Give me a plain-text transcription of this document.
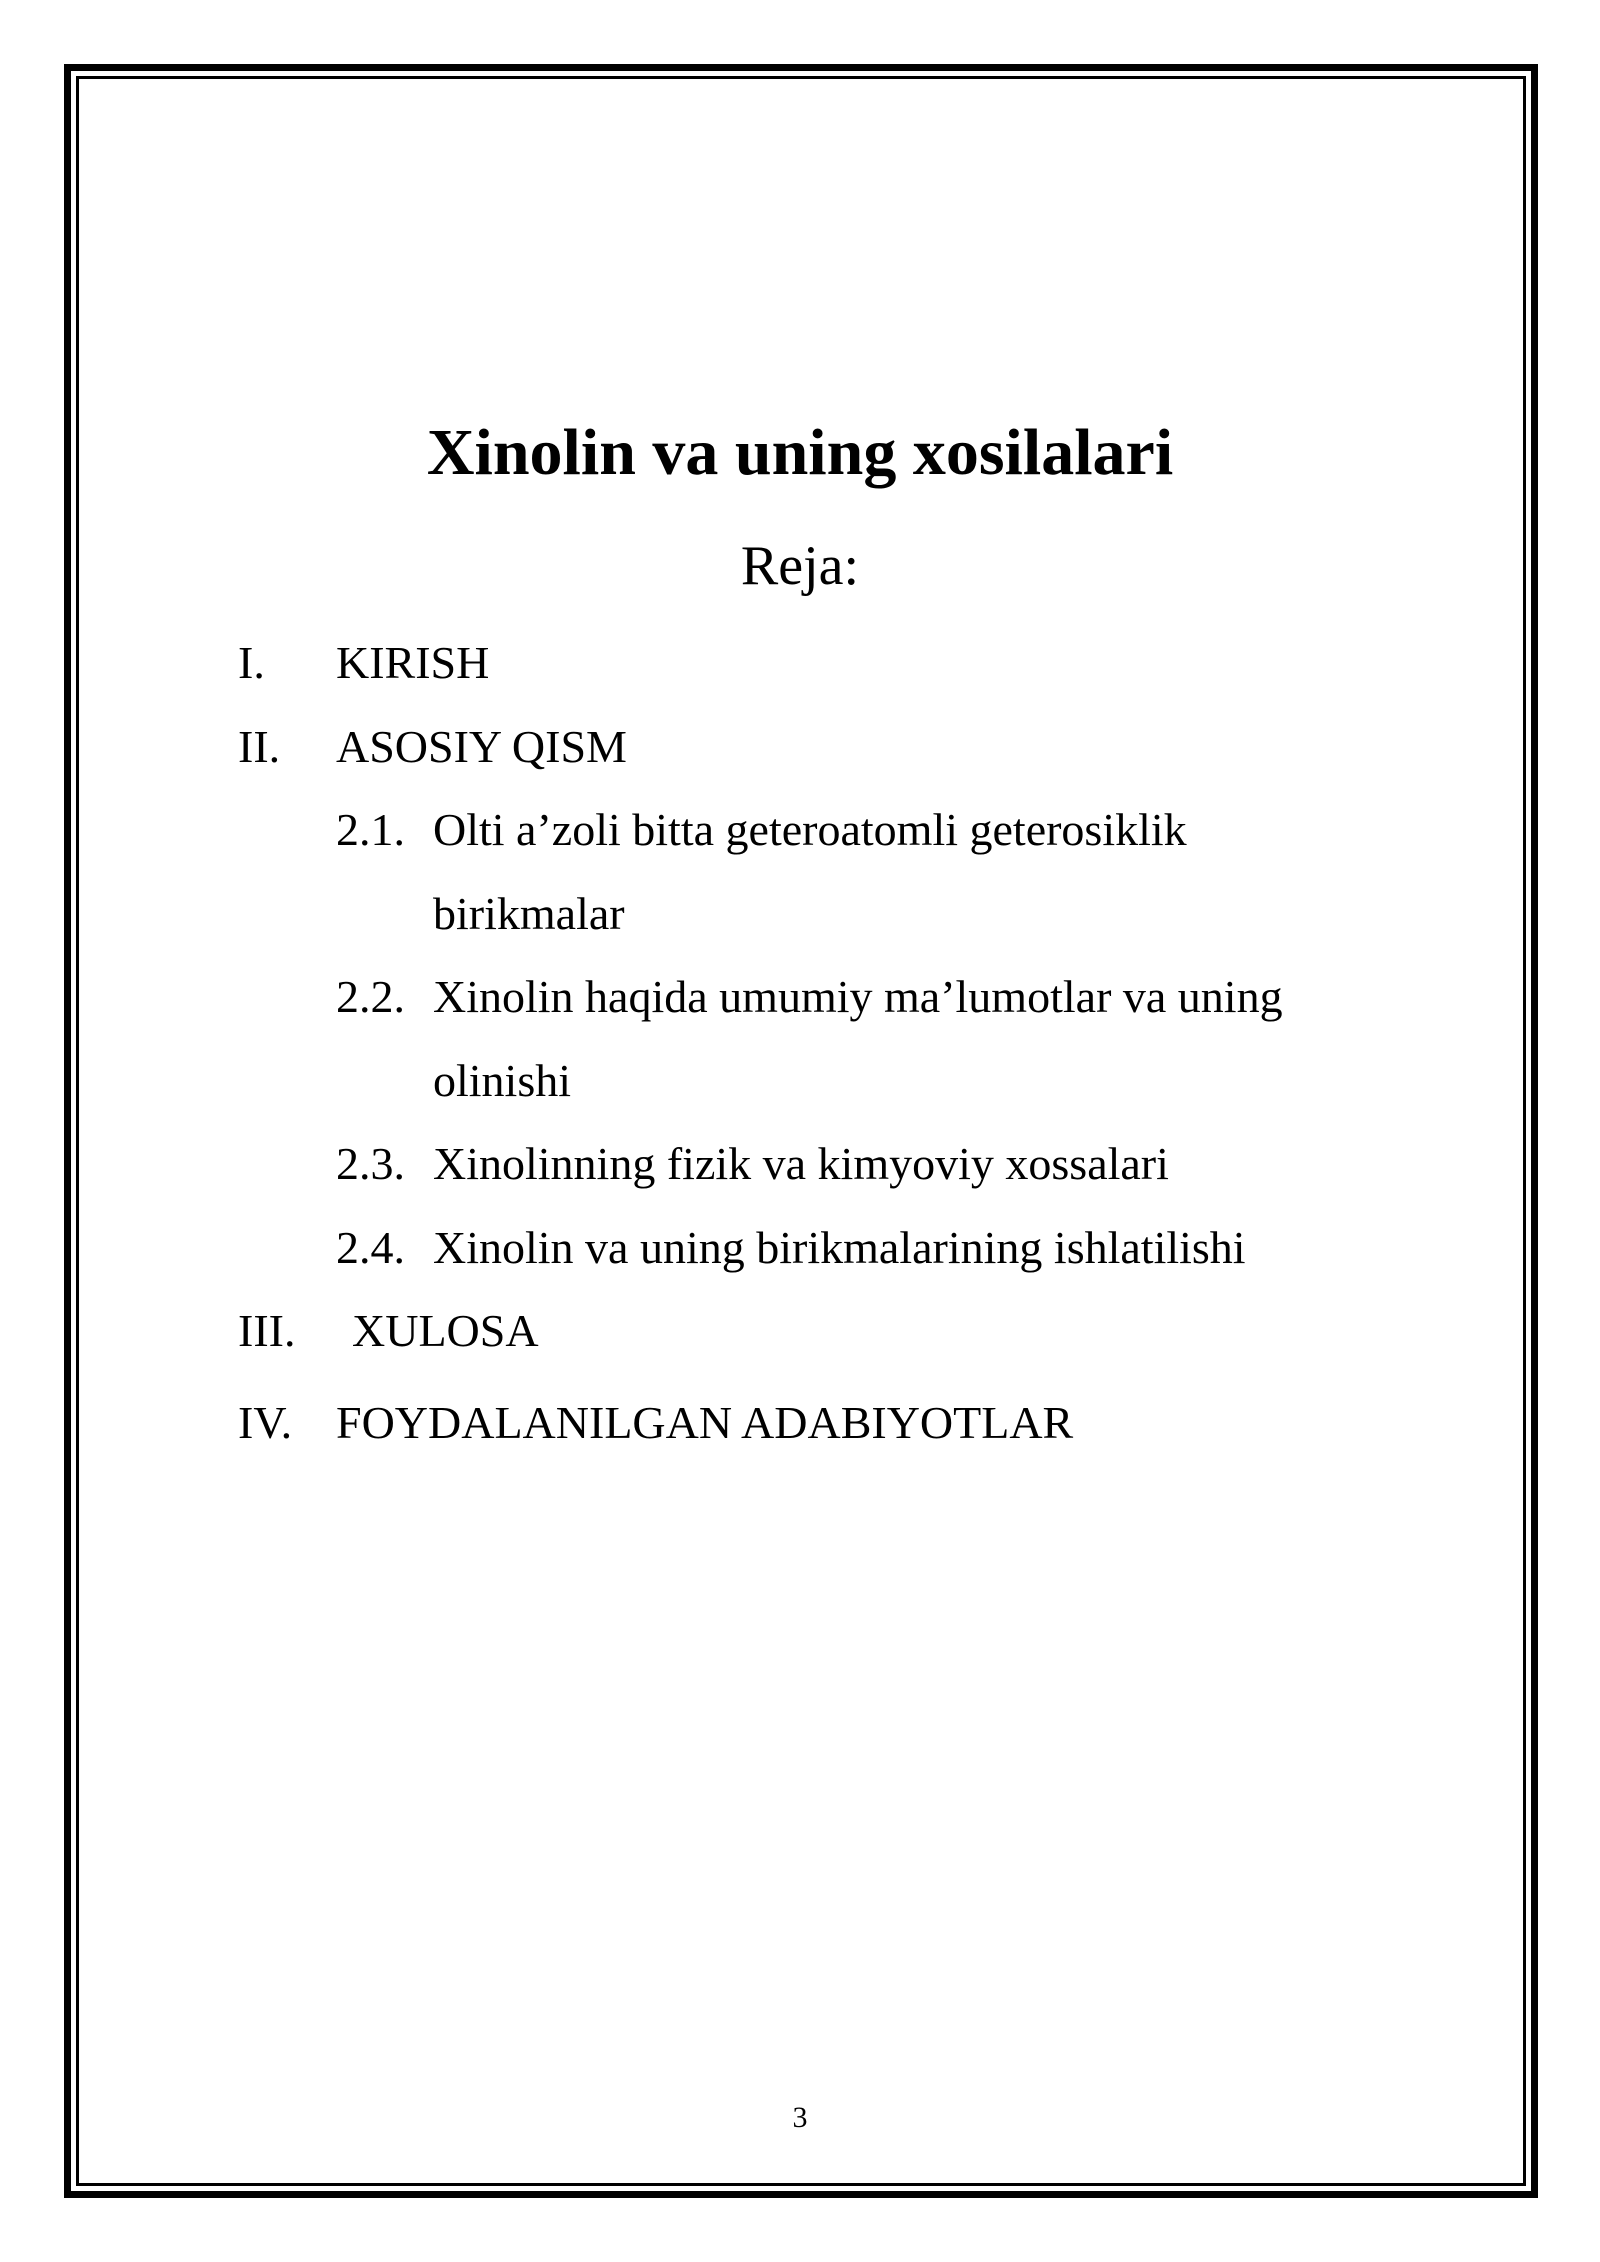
Xinolin va uning xosilalari
Reja:
I. KIRISH
II. ASOSIY QISM
2.1. Olti a’zoli bitta geteroatomli geterosiklik
birikmalar
2.2. Xinolin haqida umumiy ma’lumotlar va uning
olinishi
2.3. Xinolinning fizik va kimyoviy xossalari
2.4. Xinolin va uning birikmalarining ishlatilishi
III. XULOSA
IV. FOYDALANILGAN ADABIYOTLAR
3
